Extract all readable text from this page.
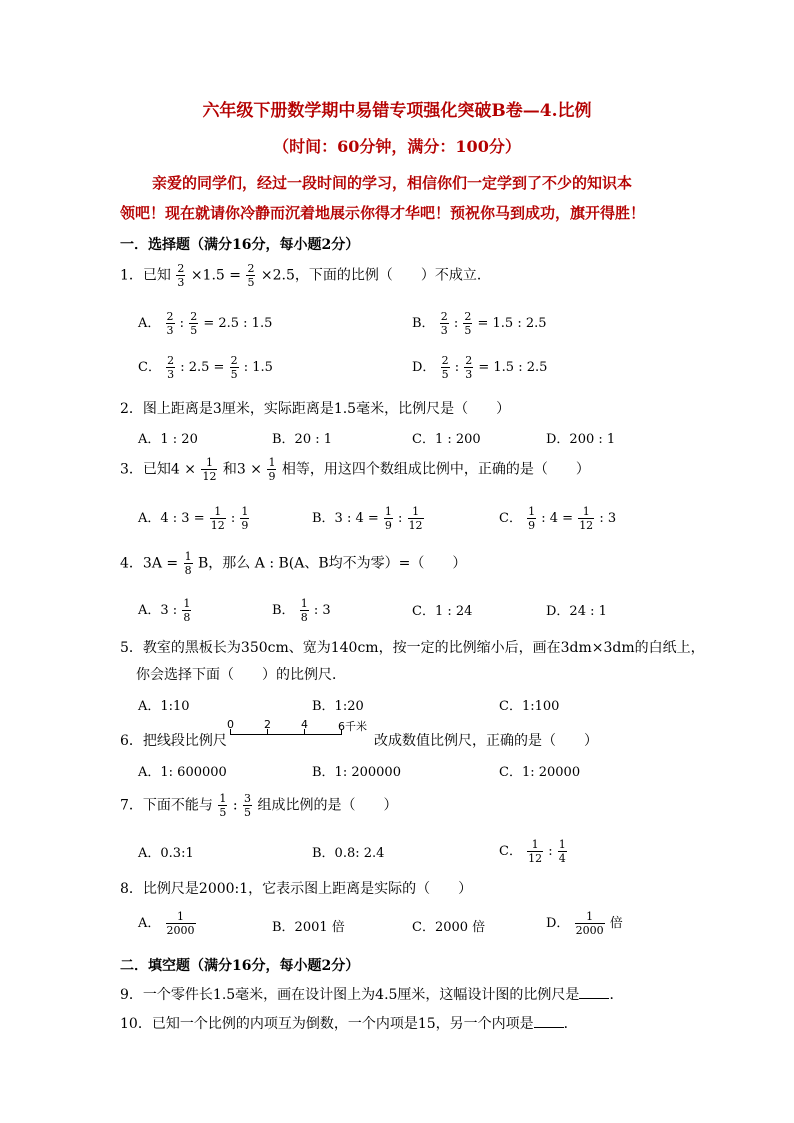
六年级下册数学期中易错专项强化突破B卷—4.比例
（时间：60分钟，满分：100分）
亲爱的同学们，经过一段时间的学习，相信你们一定学到了不少的知识本
领吧！现在就请你冷静而沉着地展示你得才华吧！预祝你马到成功，旗开得胜！
一．选择题（满分16分，每小题2分）
1．已知 $\frac{2}{3} \times 1.5 = \frac{2}{5} \times 2.5$，下面的比例（　　）不成立．
A． $\frac{2}{3}$ : $\frac{2}{5} = 2.5$ : 1.5	B． $\frac{2}{3}$ : $\frac{2}{5} = 1.5$ : 2.5
C． $\frac{2}{3}$ : $2.5 = \frac{2}{5}$ : 1.5	D． $\frac{2}{5}$ : $\frac{2}{3} = 1.5$ : 2.5
2．图上距离是3厘米，实际距离是1.5毫米，比例尺是（　　）
A．1 : 20	B．20 : 1	C．1 : 200	D．200 : 1
3．已知$4 \times \frac{1}{12}$ 和$3 \times \frac{1}{9}$ 相等，用这四个数组成比例中，正确的是（　　）
A．4 : $3 = \frac{1}{12}$ : $\frac{1}{9}$	B．3 : $4 = \frac{1}{9}$ : $\frac{1}{12}$	C． $\frac{1}{9}$ : $4 = \frac{1}{12}$ : 3
4．$3A = \frac{1}{8}$ B，那么 A : B(A、B均不为零）=（　　）
A．3 : $\frac{1}{8}$	B． $\frac{1}{8}$ : 3	C．1 : 24	D．24 : 1
5．教室的黑板长为350cm、宽为140cm，按一定的比例缩小后，画在3dm×3dm的白纸上，
你会选择下面（　　）的比例尺．
A．1:10	B．1:20	C．1:100
6．把线段比例尺
0	2	4	6千米
改成数值比例尺，正确的是（　　）
A．1: 600000	B．1: 200000	C．1: 20000
7．下面不能与 $\frac{1}{5}$ : $\frac{3}{5}$ 组成比例的是（　　）
A．0.3:1	B．0.8: 2.4	C． $\frac{1}{12}$ : $\frac{1}{4}$
8．比例尺是2000:1，它表示图上距离是实际的（　　）
A． $\frac{1}{2000}$	B．2001 倍	C．2000 倍	D． $\frac{1}{2000}$ 倍
二．填空题（满分16分，每小题2分）
9．一个零件长1.5毫米，画在设计图上为4.5厘米，这幅设计图的比例尺是 ．
10．已知一个比例的内项互为倒数，一个内项是15，另一个内项是 ．
